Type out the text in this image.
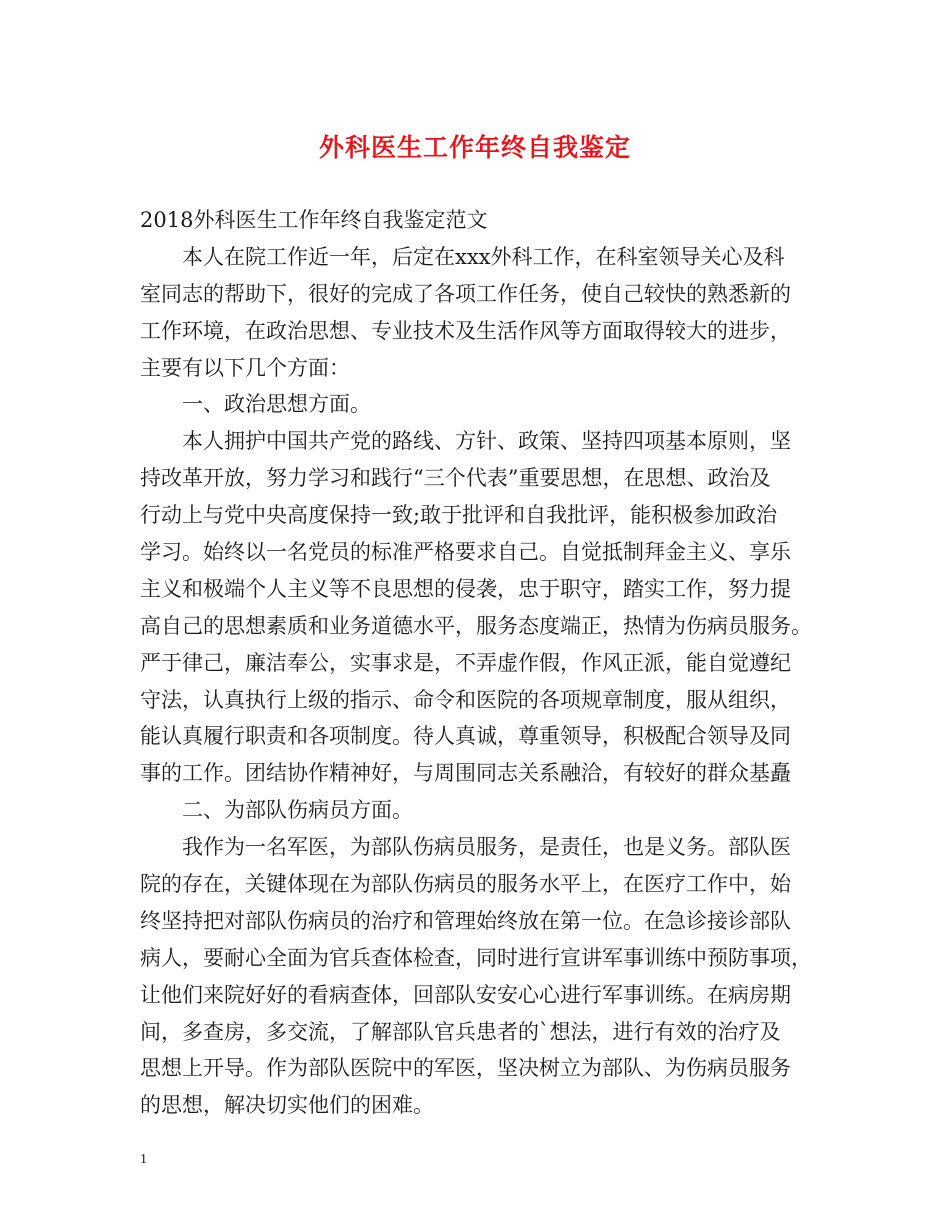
外科医生工作年终自我鉴定
2018外科医生工作年终自我鉴定范文
本人在院工作近一年，后定在xxx外科工作，在科室领导关心及科
室同志的帮助下，很好的完成了各项工作任务，使自己较快的熟悉新的
工作环境，在政治思想、专业技术及生活作风等方面取得较大的进步，
主要有以下几个方面：
一、政治思想方面。
本人拥护中国共产党的路线、方针、政策、坚持四项基本原则，坚
持改革开放，努力学习和践行“三个代表”重要思想，在思想、政治及
行动上与党中央高度保持一致;敢于批评和自我批评，能积极参加政治
学习。始终以一名党员的标准严格要求自己。自觉抵制拜金主义、享乐
主义和极端个人主义等不良思想的侵袭，忠于职守，踏实工作，努力提
高自己的思想素质和业务道德水平，服务态度端正，热情为伤病员服务。
严于律己，廉洁奉公，实事求是，不弄虚作假，作风正派，能自觉遵纪
守法，认真执行上级的指示、命令和医院的各项规章制度，服从组织，
能认真履行职责和各项制度。待人真诚，尊重领导，积极配合领导及同
事的工作。团结协作精神好，与周围同志关系融洽，有较好的群众基矗
二、为部队伤病员方面。
我作为一名军医，为部队伤病员服务，是责任，也是义务。部队医
院的存在，关键体现在为部队伤病员的服务水平上，在医疗工作中，始
终坚持把对部队伤病员的治疗和管理始终放在第一位。在急诊接诊部队
病人，要耐心全面为官兵查体检查，同时进行宣讲军事训练中预防事项，
让他们来院好好的看病查体，回部队安安心心进行军事训练。在病房期
间，多查房，多交流，了解部队官兵患者的`想法，进行有效的治疗及
思想上开导。作为部队医院中的军医，坚决树立为部队、为伤病员服务
的思想，解决切实他们的困难。
1
